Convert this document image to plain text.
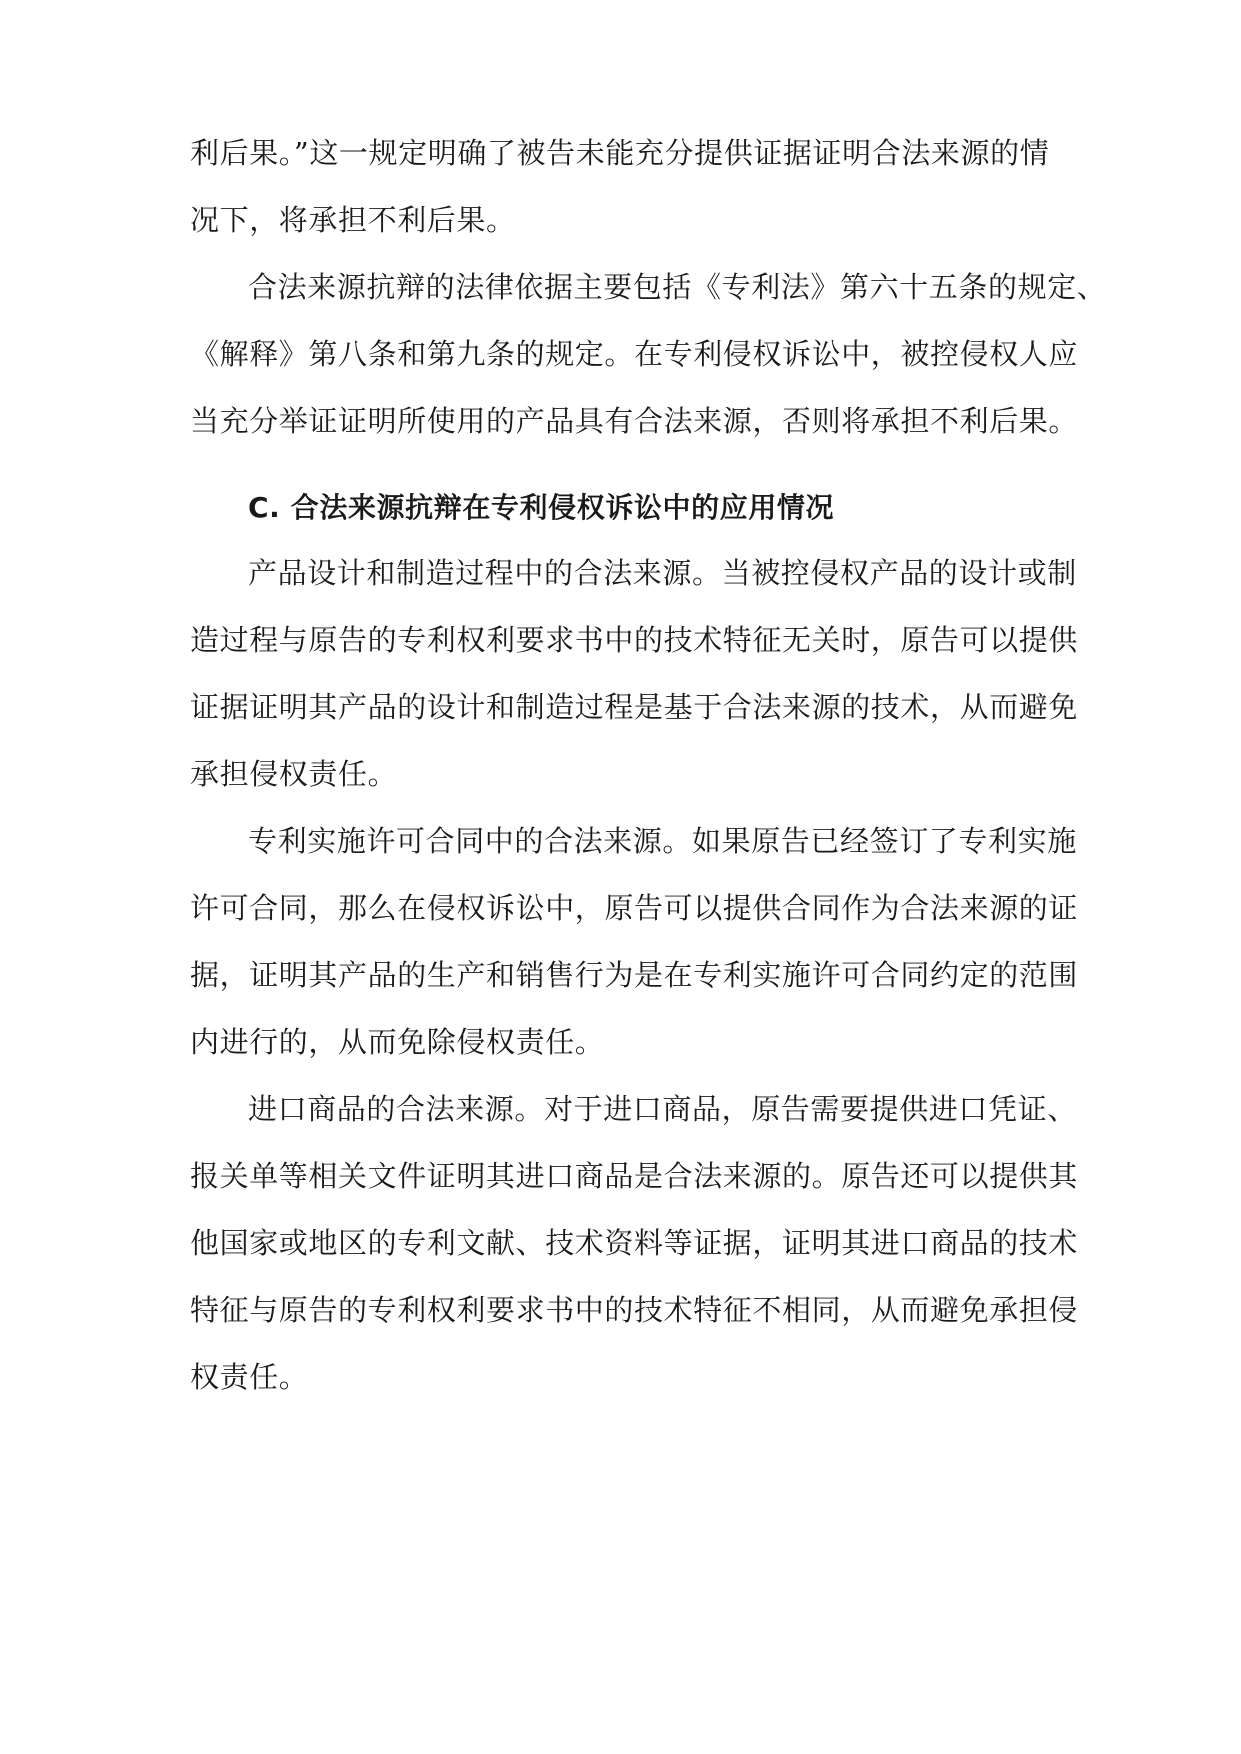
利后果。”这一规定明确了被告未能充分提供证据证明合法来源的情
况下，将承担不利后果。
合法来源抗辩的法律依据主要包括《专利法》第六十五条的规定、
《解释》第八条和第九条的规定。在专利侵权诉讼中，被控侵权人应
当充分举证证明所使用的产品具有合法来源，否则将承担不利后果。
C. 合法来源抗辩在专利侵权诉讼中的应用情况
产品设计和制造过程中的合法来源。当被控侵权产品的设计或制
造过程与原告的专利权利要求书中的技术特征无关时，原告可以提供
证据证明其产品的设计和制造过程是基于合法来源的技术，从而避免
承担侵权责任。
专利实施许可合同中的合法来源。如果原告已经签订了专利实施
许可合同，那么在侵权诉讼中，原告可以提供合同作为合法来源的证
据，证明其产品的生产和销售行为是在专利实施许可合同约定的范围
内进行的，从而免除侵权责任。
进口商品的合法来源。对于进口商品，原告需要提供进口凭证、
报关单等相关文件证明其进口商品是合法来源的。原告还可以提供其
他国家或地区的专利文献、技术资料等证据，证明其进口商品的技术
特征与原告的专利权利要求书中的技术特征不相同，从而避免承担侵
权责任。
